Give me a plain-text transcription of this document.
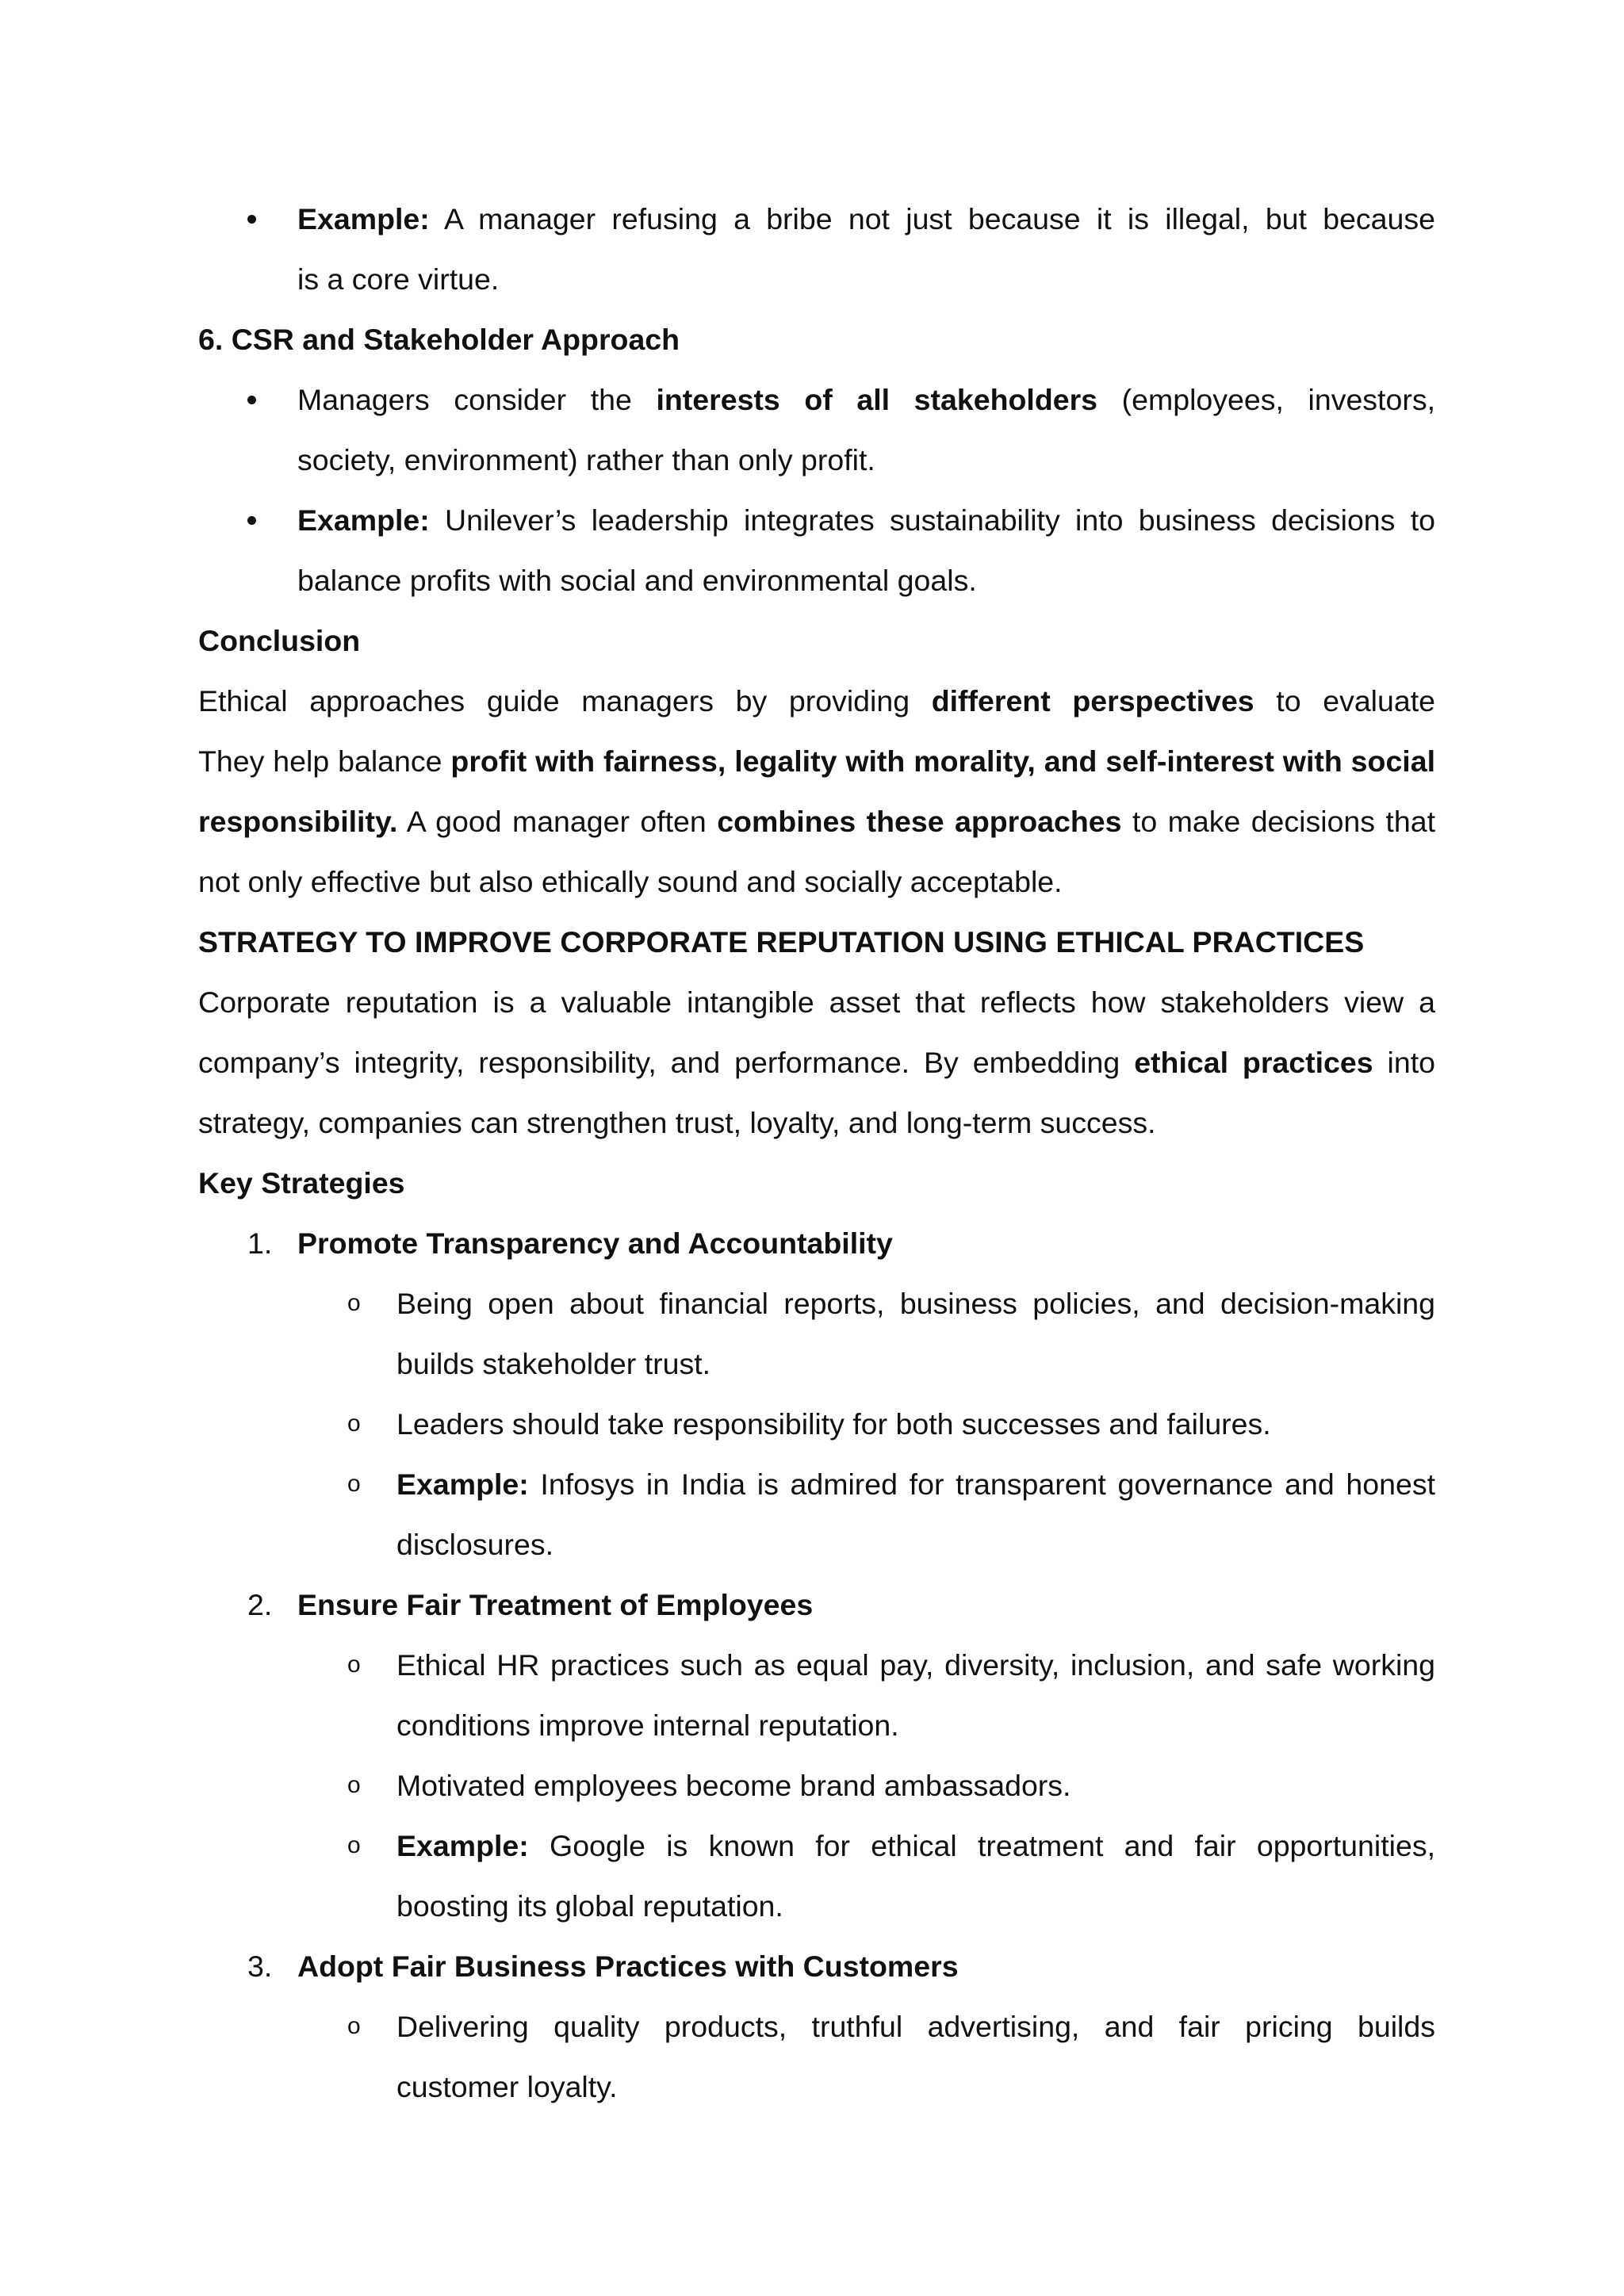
Example: A manager refusing a bribe not just because it is illegal, but because
is a core virtue.
6. CSR and Stakeholder Approach
Managers consider the interests of all stakeholders (employees, investors,
society, environment) rather than only profit.
Example: Unilever’s leadership integrates sustainability into business decisions to
balance profits with social and environmental goals.
Conclusion
Ethical approaches guide managers by providing different perspectives to evaluate
They help balance profit with fairness, legality with morality, and self-interest with social
responsibility. A good manager often combines these approaches to make decisions that
not only effective but also ethically sound and socially acceptable.
STRATEGY TO IMPROVE CORPORATE REPUTATION USING ETHICAL PRACTICES
Corporate reputation is a valuable intangible asset that reflects how stakeholders view a
company’s integrity, responsibility, and performance. By embedding ethical practices into
strategy, companies can strengthen trust, loyalty, and long-term success.
Key Strategies
1. Promote Transparency and Accountability
o	Being open about financial reports, business policies, and decision-making
builds stakeholder trust.
o	Leaders should take responsibility for both successes and failures.
o	Example: Infosys in India is admired for transparent governance and honest
disclosures.
2. Ensure Fair Treatment of Employees
o	Ethical HR practices such as equal pay, diversity, inclusion, and safe working
conditions improve internal reputation.
o	Motivated employees become brand ambassadors.
o	Example: Google is known for ethical treatment and fair opportunities,
boosting its global reputation.
3. Adopt Fair Business Practices with Customers
o	Delivering quality products, truthful advertising, and fair pricing builds
customer loyalty.
